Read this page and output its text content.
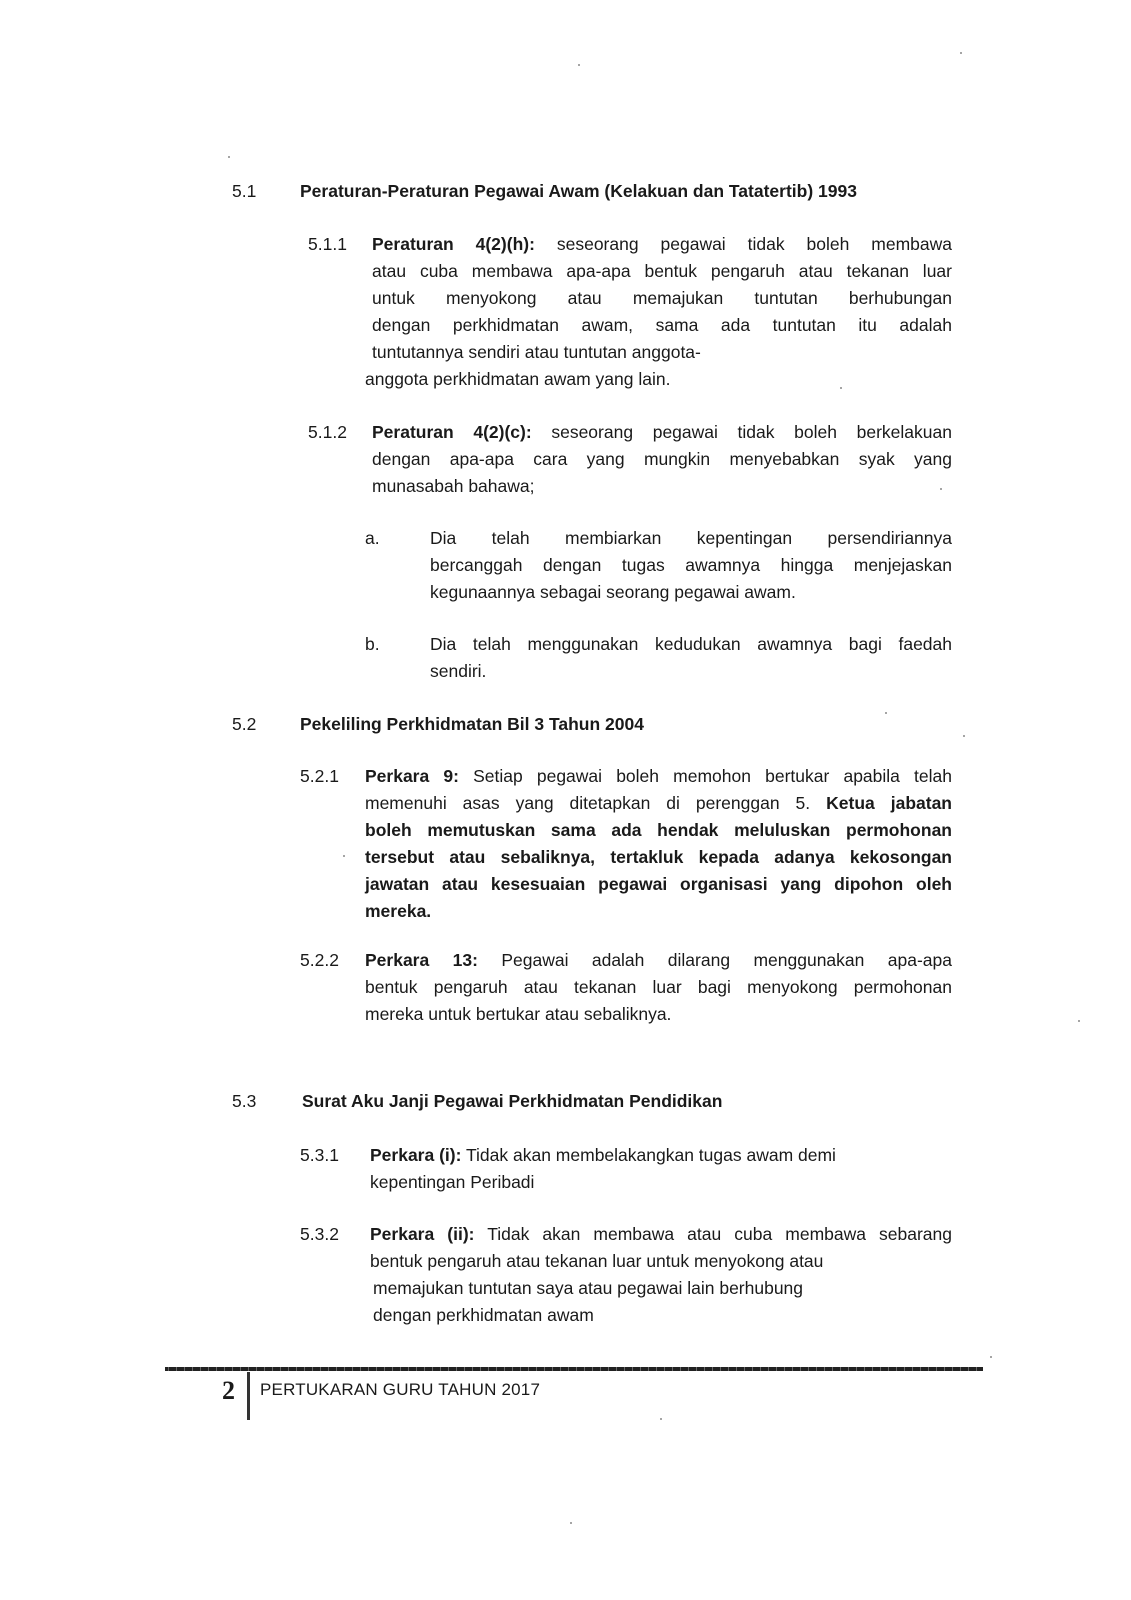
5.1 Peraturan-Peraturan Pegawai Awam (Kelakuan dan Tatatertib) 1993
5.1.1 Peraturan 4(2)(h): seseorang pegawai tidak boleh membawa
atau cuba membawa apa-apa bentuk pengaruh atau tekanan luar
untuk menyokong atau memajukan tuntutan berhubungan
dengan perkhidmatan awam, sama ada tuntutan itu adalah
tuntutannya sendiri atau tuntutan anggota-
anggota perkhidmatan awam yang lain.
5.1.2 Peraturan 4(2)(c): seseorang pegawai tidak boleh berkelakuan
dengan apa-apa cara yang mungkin menyebabkan syak yang
munasabah bahawa;
a.	Dia telah membiarkan kepentingan persendiriannya
bercanggah dengan tugas awamnya hingga menjejaskan
kegunaannya sebagai seorang pegawai awam.
b.	Dia telah menggunakan kedudukan awamnya bagi faedah
sendiri.
5.2 Pekeliling Perkhidmatan Bil 3 Tahun 2004
5.2.1 Perkara 9: Setiap pegawai boleh memohon bertukar apabila telah
memenuhi asas yang ditetapkan di perenggan 5. Ketua jabatan
boleh memutuskan sama ada hendak meluluskan permohonan
tersebut atau sebaliknya, tertakluk kepada adanya kekosongan
jawatan atau kesesuaian pegawai organisasi yang dipohon oleh
mereka.
5.2.2 Perkara 13: Pegawai adalah dilarang menggunakan apa-apa
bentuk pengaruh atau tekanan luar bagi menyokong permohonan
mereka untuk bertukar atau sebaliknya.
5.3	Surat Aku Janji Pegawai Perkhidmatan Pendidikan
5.3.1 Perkara (i): Tidak akan membelakangkan tugas awam demi
kepentingan Peribadi
5.3.2 Perkara (ii): Tidak akan membawa atau cuba membawa sebarang
bentuk pengaruh atau tekanan luar untuk menyokong atau
memajukan tuntutan saya atau pegawai lain berhubung
dengan perkhidmatan awam
2 PERTUKARAN GURU TAHUN 2017
